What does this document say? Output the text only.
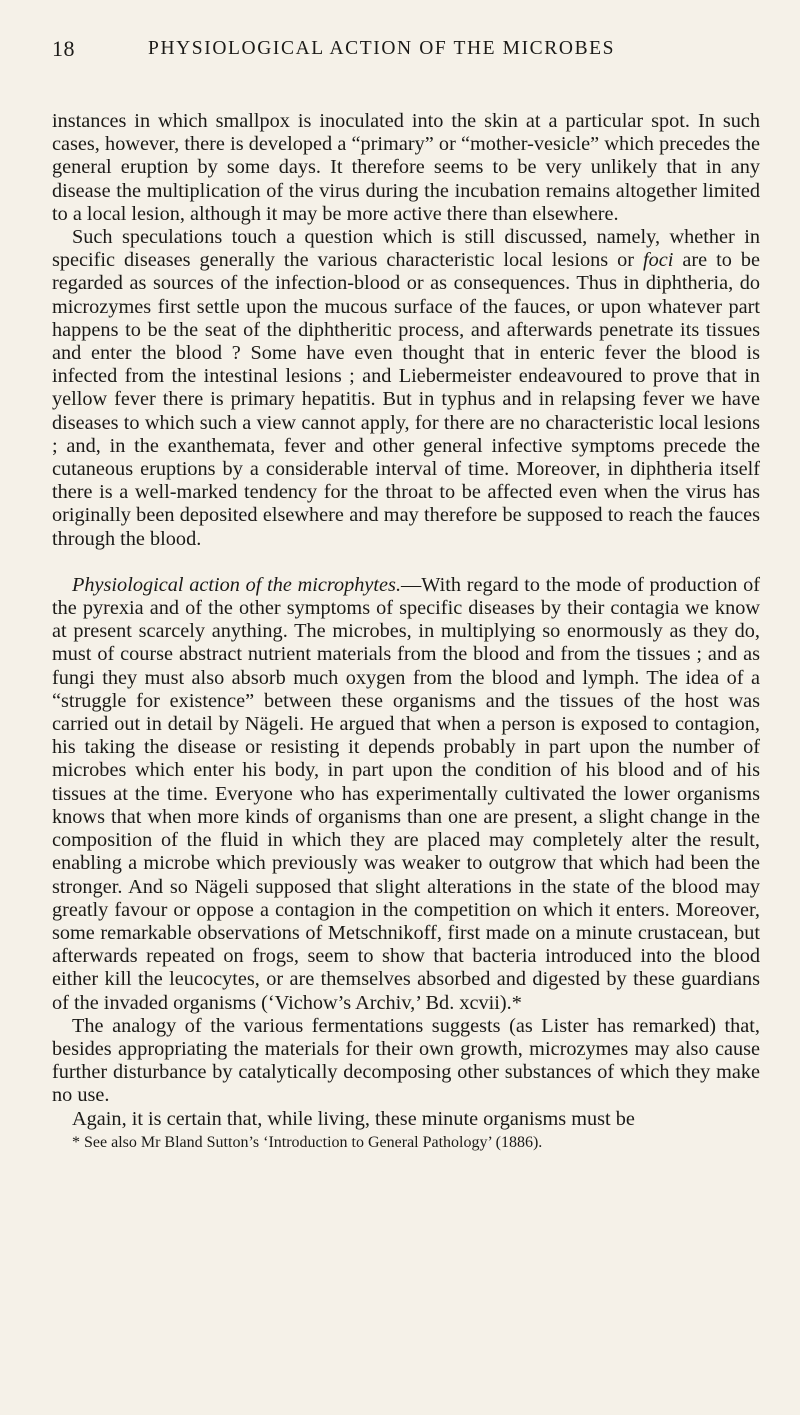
18	PHYSIOLOGICAL ACTION OF THE MICROBES

instances in which smallpox is inoculated into the skin at a particular spot. In such cases, however, there is developed a “primary” or “mother-vesicle” which precedes the general eruption by some days. It therefore seems to be very unlikely that in any disease the multiplication of the virus during the incubation remains altogether limited to a local lesion, although it may be more active there than elsewhere.

Such speculations touch a question which is still discussed, namely, whether in specific diseases generally the various characteristic local lesions or foci are to be regarded as sources of the infection-blood or as consequences. Thus in diphtheria, do microzymes first settle upon the mucous surface of the fauces, or upon whatever part happens to be the seat of the diphtheritic process, and afterwards penetrate its tissues and enter the blood ? Some have even thought that in enteric fever the blood is infected from the intestinal lesions ; and Liebermeister endeavoured to prove that in yellow fever there is primary hepatitis. But in typhus and in relapsing fever we have diseases to which such a view cannot apply, for there are no characteristic local lesions ; and, in the exanthemata, fever and other general infective symptoms precede the cutaneous eruptions by a considerable interval of time. Moreover, in diphtheria itself there is a well-marked tendency for the throat to be affected even when the virus has originally been deposited elsewhere and may therefore be supposed to reach the fauces through the blood.

Physiological action of the microphytes.—With regard to the mode of production of the pyrexia and of the other symptoms of specific diseases by their contagia we know at present scarcely anything. The microbes, in multiplying so enormously as they do, must of course abstract nutrient materials from the blood and from the tissues ; and as fungi they must also absorb much oxygen from the blood and lymph. The idea of a “struggle for existence” between these organisms and the tissues of the host was carried out in detail by Nägeli. He argued that when a person is exposed to contagion, his taking the disease or resisting it depends probably in part upon the number of microbes which enter his body, in part upon the condition of his blood and of his tissues at the time. Everyone who has experimentally cultivated the lower organisms knows that when more kinds of organisms than one are present, a slight change in the composition of the fluid in which they are placed may completely alter the result, enabling a microbe which previously was weaker to outgrow that which had been the stronger. And so Nägeli supposed that slight alterations in the state of the blood may greatly favour or oppose a contagion in the competition on which it enters. Moreover, some remarkable observations of Metschnikoff, first made on a minute crustacean, but afterwards repeated on frogs, seem to show that bacteria introduced into the blood either kill the leucocytes, or are themselves absorbed and digested by these guardians of the invaded organisms (‘Vichow’s Archiv,’ Bd. xcvii).*

The analogy of the various fermentations suggests (as Lister has remarked) that, besides appropriating the materials for their own growth, microzymes may also cause further disturbance by catalytically decomposing other substances of which they make no use.

Again, it is certain that, while living, these minute organisms must be

* See also Mr Bland Sutton’s ‘Introduction to General Pathology’ (1886).
